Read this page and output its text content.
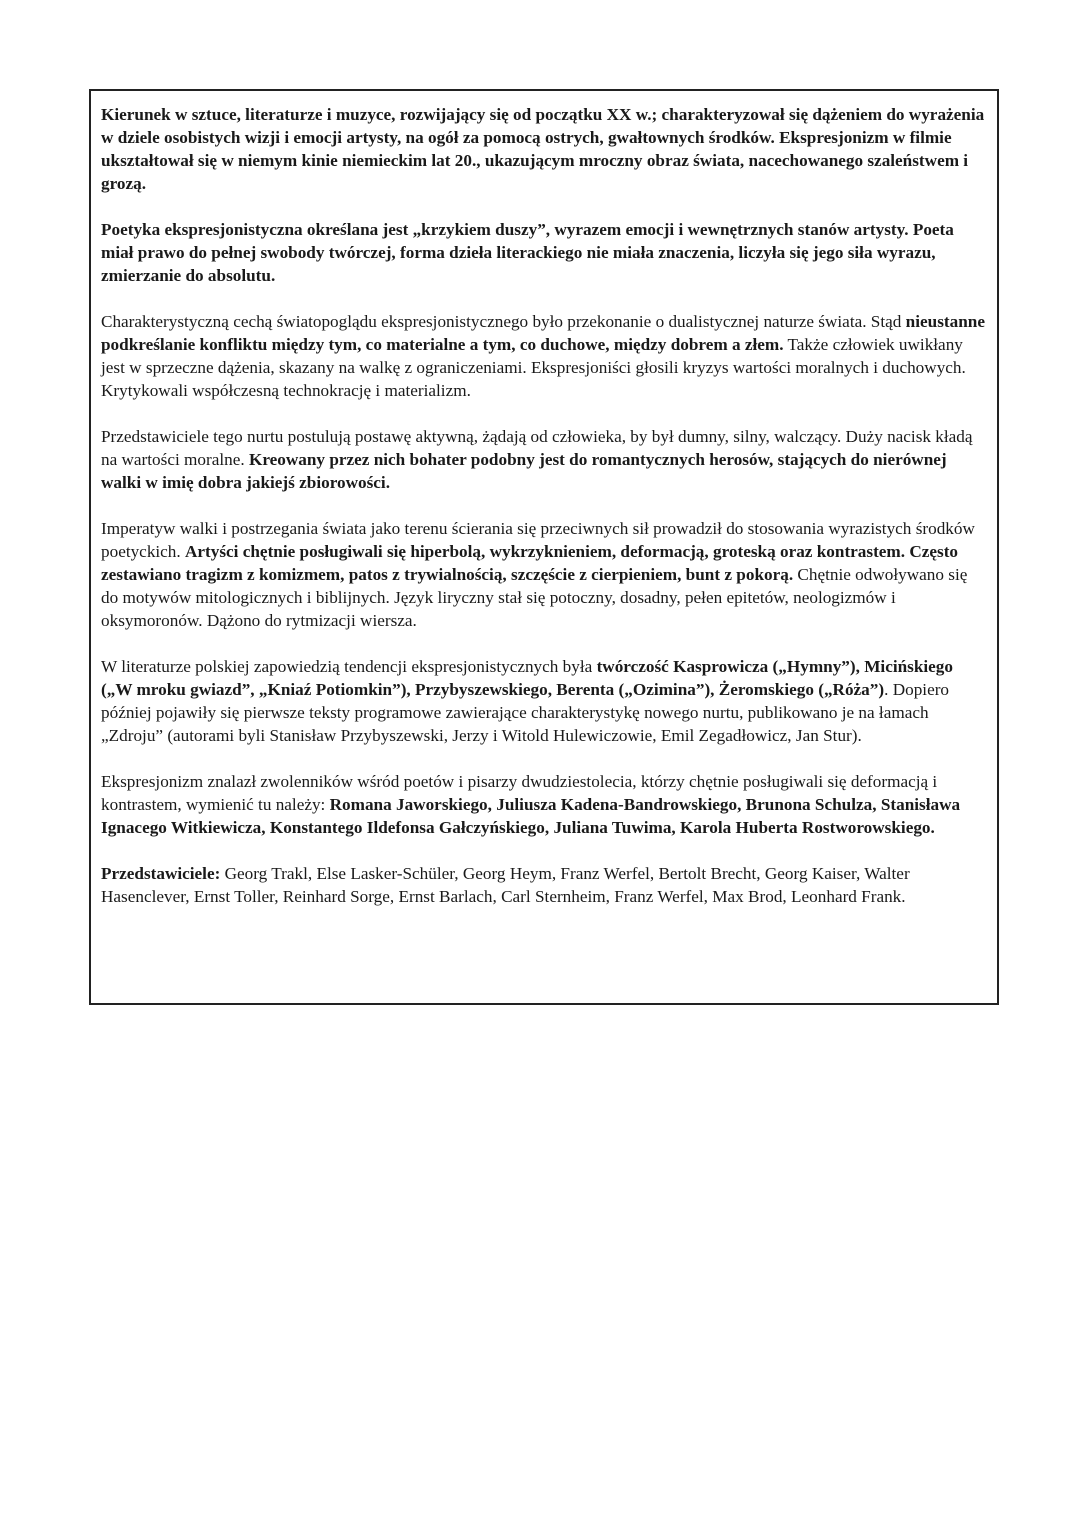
Kierunek w sztuce, literaturze i muzyce, rozwijający się od początku XX w.; charakteryzował się dążeniem do wyrażenia w dziele osobistych wizji i emocji artysty, na ogół za pomocą ostrych, gwałtownych środków. Ekspresjonizm w filmie ukształtował się w niemym kinie niemieckim lat 20., ukazującym mroczny obraz świata, nacechowanego szaleństwem i grozą.

Poetyka ekspresjonistyczna określana jest „krzykiem duszy”, wyrazem emocji i wewnętrznych stanów artysty. Poeta miał prawo do pełnej swobody twórczej, forma dzieła literackiego nie miała znaczenia, liczyła się jego siła wyrazu, zmierzanie do absolutu.

Charakterystyczną cechą światopoglądu ekspresjonistycznego było przekonanie o dualistycznej naturze świata. Stąd nieustanne podkreślanie konfliktu między tym, co materialne a tym, co duchowe, między dobrem a złem. Także człowiek uwikłany jest w sprzeczne dążenia, skazany na walkę z ograniczeniami. Ekspresjoniści głosili kryzys wartości moralnych i duchowych. Krytykowali współczesną technokrację i materializm.

Przedstawiciele tego nurtu postulują postawę aktywną, żądają od człowieka, by był dumny, silny, walczący. Duży nacisk kładą na wartości moralne. Kreowany przez nich bohater podobny jest do romantycznych herosów, stających do nierównej walki w imię dobra jakiejś zbiorowości.

Imperatyw walki i postrzegania świata jako terenu ścierania się przeciwnych sił prowadził do stosowania wyrazistych środków poetyckich. Artyści chętnie posługiwali się hiperbolą, wykrzyknieniem, deformacją, groteską oraz kontrastem. Często zestawiano tragizm z komizmem, patos z trywialnością, szczęście z cierpieniem, bunt z pokorą. Chętnie odwoływano się do motywów mitologicznych i biblijnych. Język liryczny stał się potoczny, dosadny, pełen epitetów, neologizmów i oksymoronów. Dążono do rytmizacji wiersza.

W literaturze polskiej zapowiedzią tendencji ekspresjonistycznych była twórczość Kasprowicza („Hymny”), Micińskiego („W mroku gwiazd”, „Kniaź Potiomkin”), Przybyszewskiego, Berenta („Ozimina”), Żeromskiego („Róża”). Dopiero później pojawiły się pierwsze teksty programowe zawierające charakterystykę nowego nurtu, publikowano je na łamach „Zdroju” (autorami byli Stanisław Przybyszewski, Jerzy i Witold Hulewiczowie, Emil Zegadłowicz, Jan Stur).

Ekspresjonizm znalazł zwolenników wśród poetów i pisarzy dwudziestolecia, którzy chętnie posługiwali się deformacją i kontrastem, wymienić tu należy: Romana Jaworskiego, Juliusza Kadena-Bandrowskiego, Brunona Schulza, Stanisława Ignacego Witkiewicza, Konstantego Ildefonsa Gałczyńskiego, Juliana Tuwima, Karola Huberta Rostworowskiego.

Przedstawiciele: Georg Trakl, Else Lasker-Schüler, Georg Heym, Franz Werfel, Bertolt Brecht, Georg Kaiser, Walter Hasenclever, Ernst Toller, Reinhard Sorge, Ernst Barlach, Carl Sternheim, Franz Werfel, Max Brod, Leonhard Frank.
